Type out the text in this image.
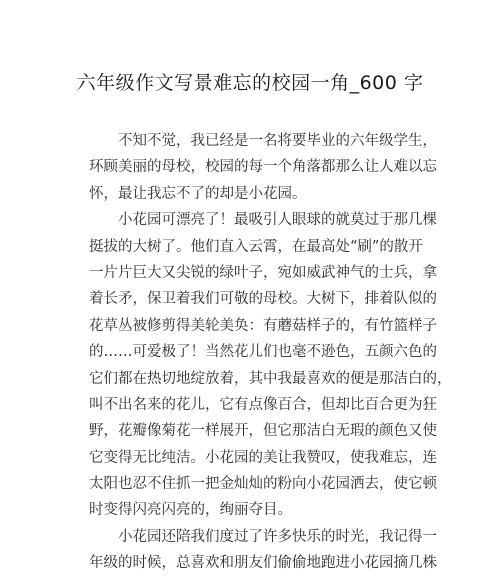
六年级作文写景难忘的校园一角_600 字
　　不知不觉，我已经是一名将要毕业的六年级学生，
环顾美丽的母校，校园的每一个角落都那么让人难以忘
怀，最让我忘不了的却是小花园。
　　小花园可漂亮了！最吸引人眼球的就莫过于那几棵
挺拔的大树了。他们直入云霄，在最高处“刷”的散开
一片片巨大又尖锐的绿叶子，宛如威武神气的士兵，拿
着长矛，保卫着我们可敬的母校。大树下，排着队似的
花草丛被修剪得美轮美奂：有蘑菇样子的，有竹篮样子
的……可爱极了！当然花儿们也毫不逊色，五颜六色的
它们都在热切地绽放着，其中我最喜欢的便是那洁白的，
叫不出名来的花儿，它有点像百合，但却比百合更为狂
野，花瓣像菊花一样展开，但它那洁白无瑕的颜色又使
它变得无比纯洁。小花园的美让我赞叹，使我难忘，连
太阳也忍不住抓一把金灿灿的粉向小花园洒去，使它顿
时变得闪亮闪亮的，绚丽夺目。
　　小花园还陪我们度过了许多快乐的时光，我记得一
年级的时候，总喜欢和朋友们偷偷地跑进小花园摘几株
